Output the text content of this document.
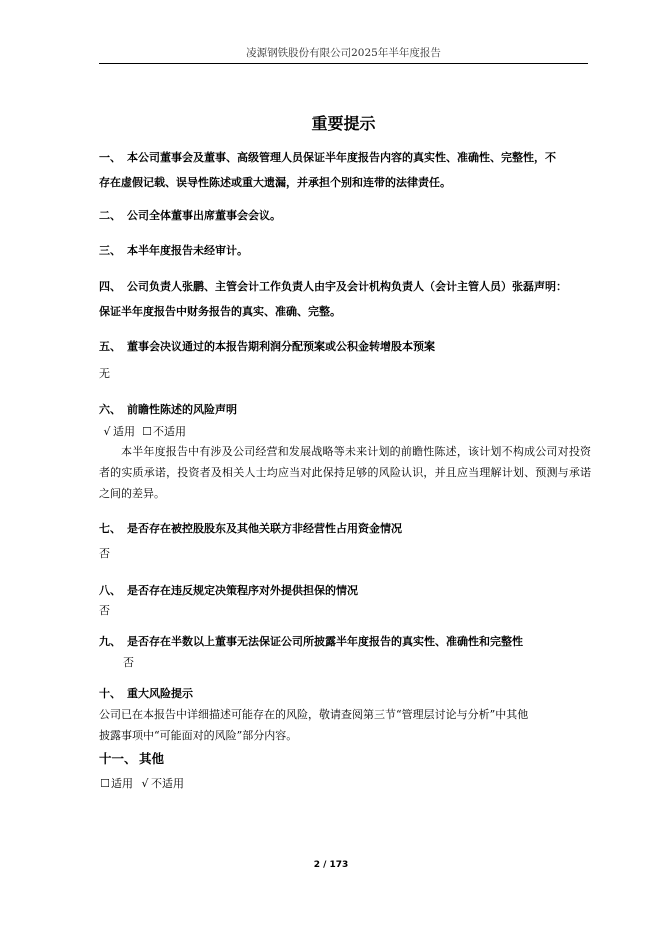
凌源钢铁股份有限公司2025年半年度报告
重要提示
一、 本公司董事会及董事、高级管理人员保证半年度报告内容的真实性、准确性、完整性，不
存在虚假记载、误导性陈述或重大遗漏，并承担个别和连带的法律责任。
二、 公司全体董事出席董事会会议。
三、 本半年度报告未经审计。
四、 公司负责人张鹏、主管会计工作负责人由宇及会计机构负责人（会计主管人员）张磊声明：
保证半年度报告中财务报告的真实、准确、完整。
五、 董事会决议通过的本报告期利润分配预案或公积金转增股本预案
无
六、 前瞻性陈述的风险声明
√ 适用 ☐不适用
本半年度报告中有涉及公司经营和发展战略等未来计划的前瞻性陈述，该计划不构成公司对投资者的实质承诺，投资者及相关人士均应当对此保持足够的风险认识，并且应当理解计划、预测与承诺之间的差异。
七、 是否存在被控股股东及其他关联方非经营性占用资金情况
否
八、 是否存在违反规定决策程序对外提供担保的情况
否
九、 是否存在半数以上董事无法保证公司所披露半年度报告的真实性、准确性和完整性
否
十、 重大风险提示
公司已在本报告中详细描述可能存在的风险，敬请查阅第三节“管理层讨论与分析”中其他
披露事项中“可能面对的风险”部分内容。
十一、 其他
☐适用 √ 不适用
2 / 173
